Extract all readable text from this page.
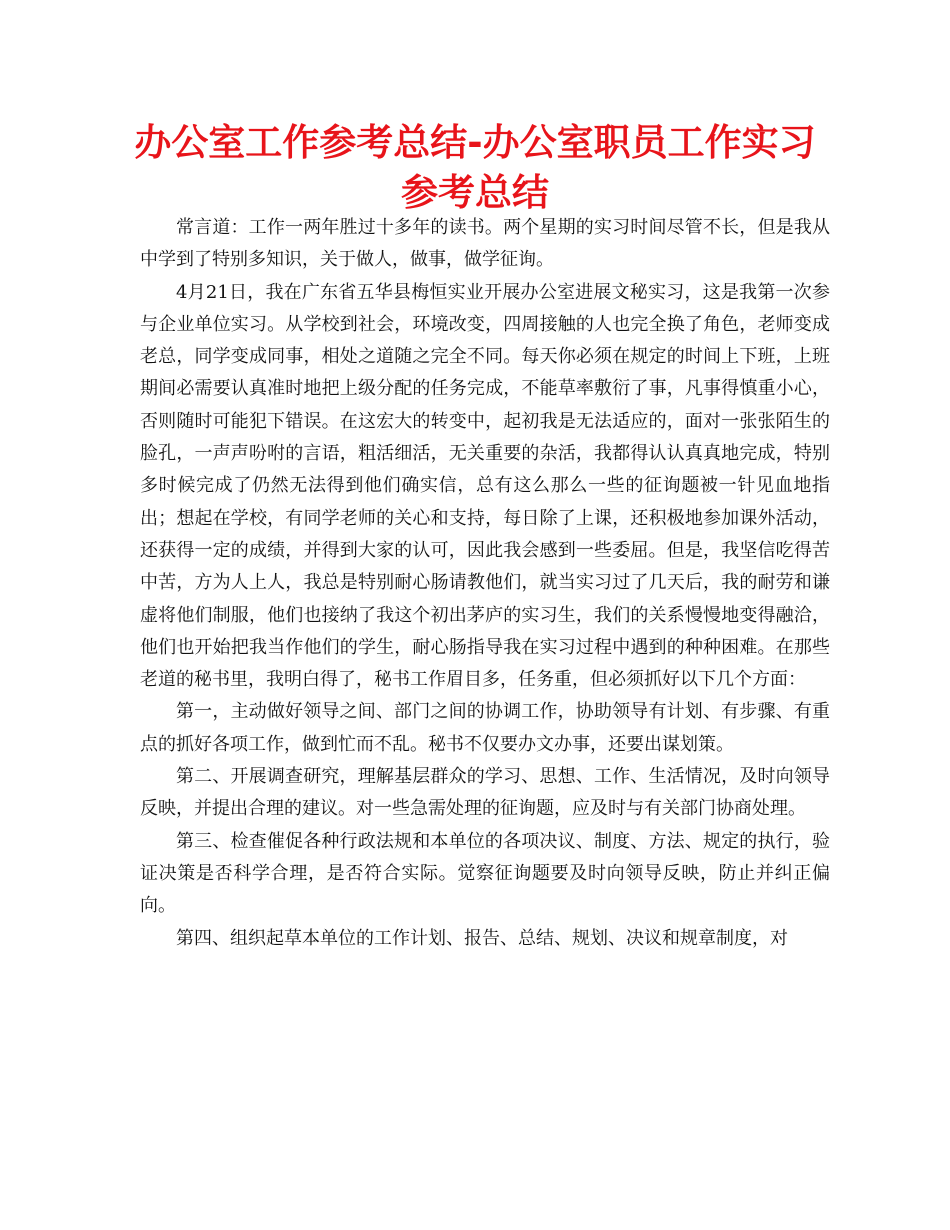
办公室工作参考总结-办公室职员工作实习参考总结

常言道：工作一两年胜过十多年的读书。两个星期的实习时间尽管不长，但是我从中学到了特别多知识，关于做人，做事，做学征询。

4月21日，我在广东省五华县梅恒实业开展办公室进展文秘实习，这是我第一次参与企业单位实习。从学校到社会，环境改变，四周接触的人也完全换了角色，老师变成老总，同学变成同事，相处之道随之完全不同。每天你必须在规定的时间上下班，上班期间必需要认真准时地把上级分配的任务完成，不能草率敷衍了事，凡事得慎重小心，否则随时可能犯下错误。在这宏大的转变中，起初我是无法适应的，面对一张张陌生的脸孔，一声声吩咐的言语，粗活细活，无关重要的杂活，我都得认认真真地完成，特别多时候完成了仍然无法得到他们确实信，总有这么那么一些的征询题被一针见血地指出；想起在学校，有同学老师的关心和支持，每日除了上课，还积极地参加课外活动，还获得一定的成绩，并得到大家的认可，因此我会感到一些委屈。但是，我坚信吃得苦中苦，方为人上人，我总是特别耐心肠请教他们，就当实习过了几天后，我的耐劳和谦虚将他们制服，他们也接纳了我这个初出茅庐的实习生，我们的关系慢慢地变得融洽，他们也开始把我当作他们的学生，耐心肠指导我在实习过程中遇到的种种困难。在那些老道的秘书里，我明白得了，秘书工作眉目多，任务重，但必须抓好以下几个方面：

第一，主动做好领导之间、部门之间的协调工作，协助领导有计划、有步骤、有重点的抓好各项工作，做到忙而不乱。秘书不仅要办文办事，还要出谋划策。

第二、开展调查研究，理解基层群众的学习、思想、工作、生活情况，及时向领导反映，并提出合理的建议。对一些急需处理的征询题，应及时与有关部门协商处理。

第三、检查催促各种行政法规和本单位的各项决议、制度、方法、规定的执行，验证决策是否科学合理，是否符合实际。觉察征询题要及时向领导反映，防止并纠正偏向。

第四、组织起草本单位的工作计划、报告、总结、规划、决议和规章制度，对
